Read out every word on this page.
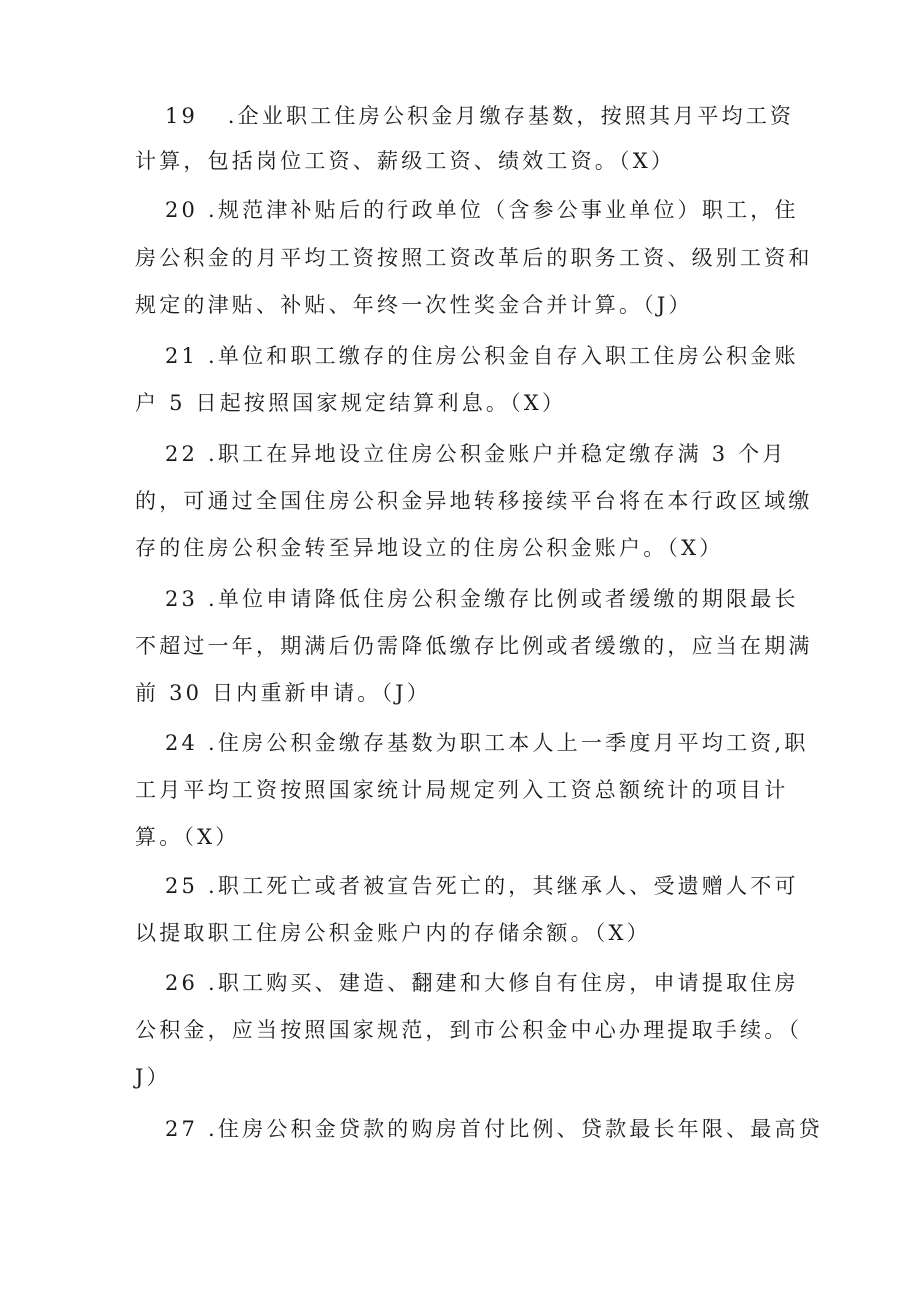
19   .企业职工住房公积金月缴存基数，按照其月平均工资
计算，包括岗位工资、薪级工资、绩效工资。（X）
20 .规范津补贴后的行政单位（含参公事业单位）职工，住
房公积金的月平均工资按照工资改革后的职务工资、级别工资和
规定的津贴、补贴、年终一次性奖金合并计算。（J）
21 .单位和职工缴存的住房公积金自存入职工住房公积金账
户 5 日起按照国家规定结算利息。（X）
22 .职工在异地设立住房公积金账户并稳定缴存满 3 个月
的，可通过全国住房公积金异地转移接续平台将在本行政区域缴
存的住房公积金转至异地设立的住房公积金账户。（X）
23 .单位申请降低住房公积金缴存比例或者缓缴的期限最长
不超过一年，期满后仍需降低缴存比例或者缓缴的，应当在期满
前 30 日内重新申请。（J）
24 .住房公积金缴存基数为职工本人上一季度月平均工资,职
工月平均工资按照国家统计局规定列入工资总额统计的项目计
算。（X）
25 .职工死亡或者被宣告死亡的，其继承人、受遗赠人不可
以提取职工住房公积金账户内的存储余额。（X）
26 .职工购买、建造、翻建和大修自有住房，申请提取住房
公积金，应当按照国家规范，到市公积金中心办理提取手续。（
J）
27 .住房公积金贷款的购房首付比例、贷款最长年限、最高贷
